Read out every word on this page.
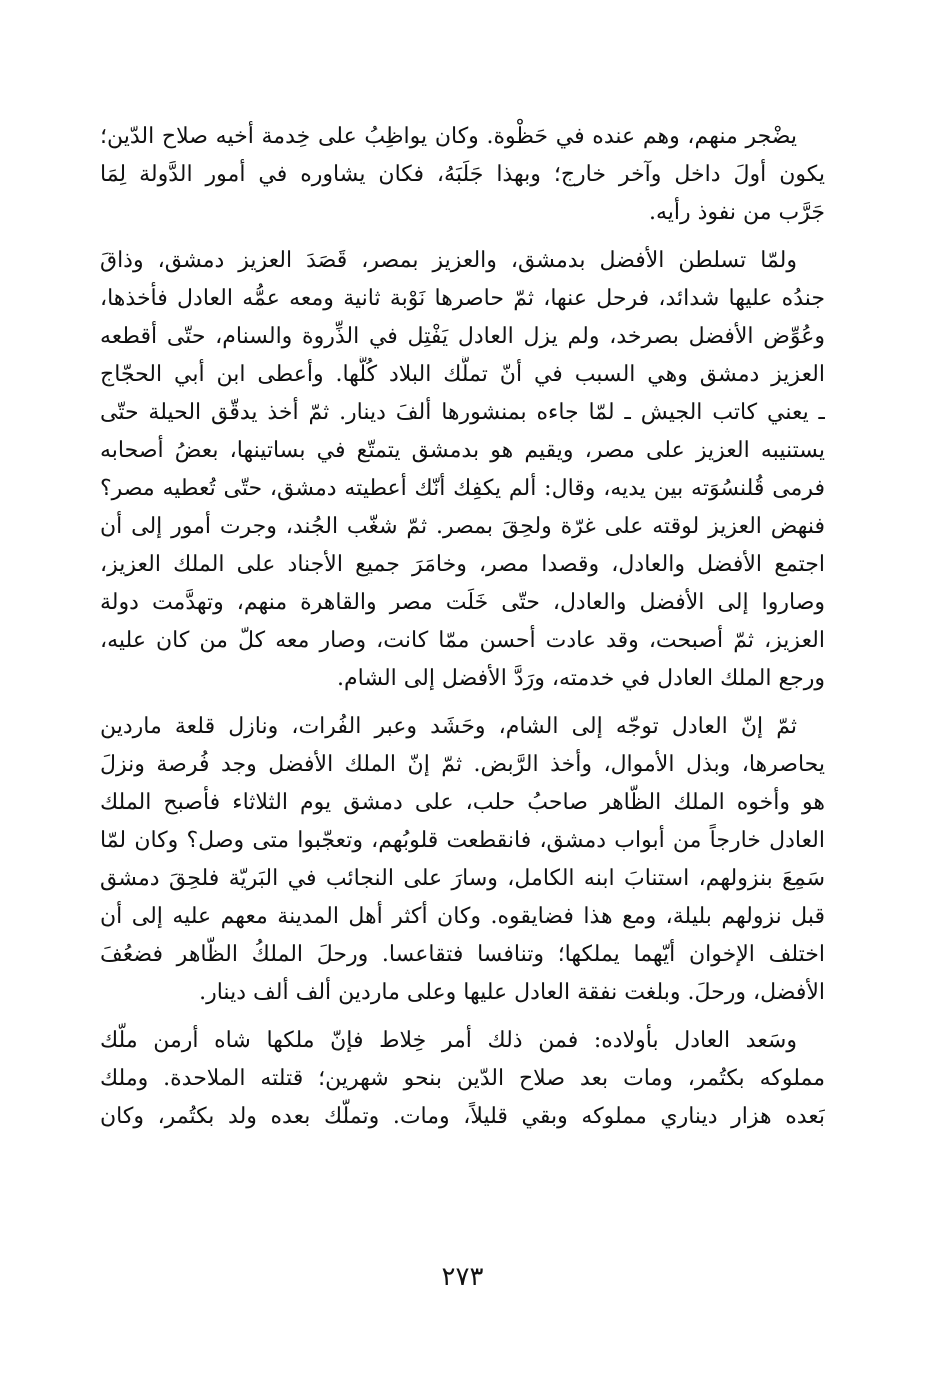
يضْجر منهم، وهم عنده في حَظْوة. وكان يواظِبُ على خِدمة أخيه صلاح الدّين؛
يكون أولَ داخل وآخر خارج؛ وبهذا جَلَبَهُ، فكان يشاوره في أمور الدَّولة لِمَا
جَرَّب من نفوذ رأيه.
ولمّا تسلطن الأفضل بدمشق، والعزيز بمصر، قَصَدَ العزيز دمشق، وذاقَ
جندُه عليها شدائد، فرحل عنها، ثمّ حاصرها نَوْبة ثانية ومعه عمُّه العادل فأخذها،
وعُوِّض الأفضل بصرخد، ولم يزل العادل يَفْتِل في الذِّروة والسنام، حتّى أقطعه
العزيز دمشق وهي السبب في أنّ تملَّك البلاد كُلَّها. وأعطى ابن أبي الحجّاج
ـ يعني كاتب الجيش ـ لمّا جاءه بمنشورها ألفَ دينار. ثمّ أخذ يدقّق الحيلة حتّى
يستنيبه العزيز على مصر، ويقيم هو بدمشق يتمتّع في بساتينها، بعضُ أصحابه
فرمى قُلنسُوَته بين يديه، وقال: ألم يكفِك أنّك أعطيته دمشق، حتّى تُعطيه مصر؟
فنهض العزيز لوقته على غرّة ولحِقَ بمصر. ثمّ شغّب الجُند، وجرت أمور إلى أن
اجتمع الأفضل والعادل، وقصدا مصر، وخامَرَ جميع الأجناد على الملك العزيز،
وصاروا إلى الأفضل والعادل، حتّى خَلَت مصر والقاهرة منهم، وتهدَّمت دولة
العزيز، ثمّ أصبحت، وقد عادت أحسن ممّا كانت، وصار معه كلّ من كان عليه،
ورجع الملك العادل في خدمته، ورَدَّ الأفضل إلى الشام.
ثمّ إنّ العادل توجّه إلى الشام، وحَشَد وعبر الفُرات، ونازل قلعة ماردين
يحاصرها، وبذل الأموال، وأخذ الرَّبض. ثمّ إنّ الملك الأفضل وجد فُرصة ونزلَ
هو وأخوه الملك الظّاهر صاحبُ حلب، على دمشق يوم الثلاثاء فأصبح الملك
العادل خارجاً من أبواب دمشق، فانقطعت قلوبُهم، وتعجّبوا متى وصل؟ وكان لمّا
سَمِعَ بنزولهم، استنابَ ابنه الكامل، وسارَ على النجائب في البَريّة فلحِقَ دمشق
قبل نزولهم بليلة، ومع هذا فضايقوه. وكان أكثر أهل المدينة معهم عليه إلى أن
اختلف الإخوان أيّهما يملكها؛ وتنافسا فتقاعسا. ورحلَ الملكُ الظّاهر فضعُفَ
الأفضل، ورحلَ. وبلغت نفقة العادل عليها وعلى ماردين ألف ألف دينار.
وسَعد العادل بأولاده: فمن ذلك أمر خِلاط فإنّ ملكها شاه أرمن ملّك
مملوكه بكتُمر، ومات بعد صلاح الدّين بنحو شهرين؛ قتلته الملاحدة. وملك
بَعده هزار ديناري مملوكه وبقي قليلاً، ومات. وتملّك بعده ولد بكتُمر، وكان
٢٧٣
